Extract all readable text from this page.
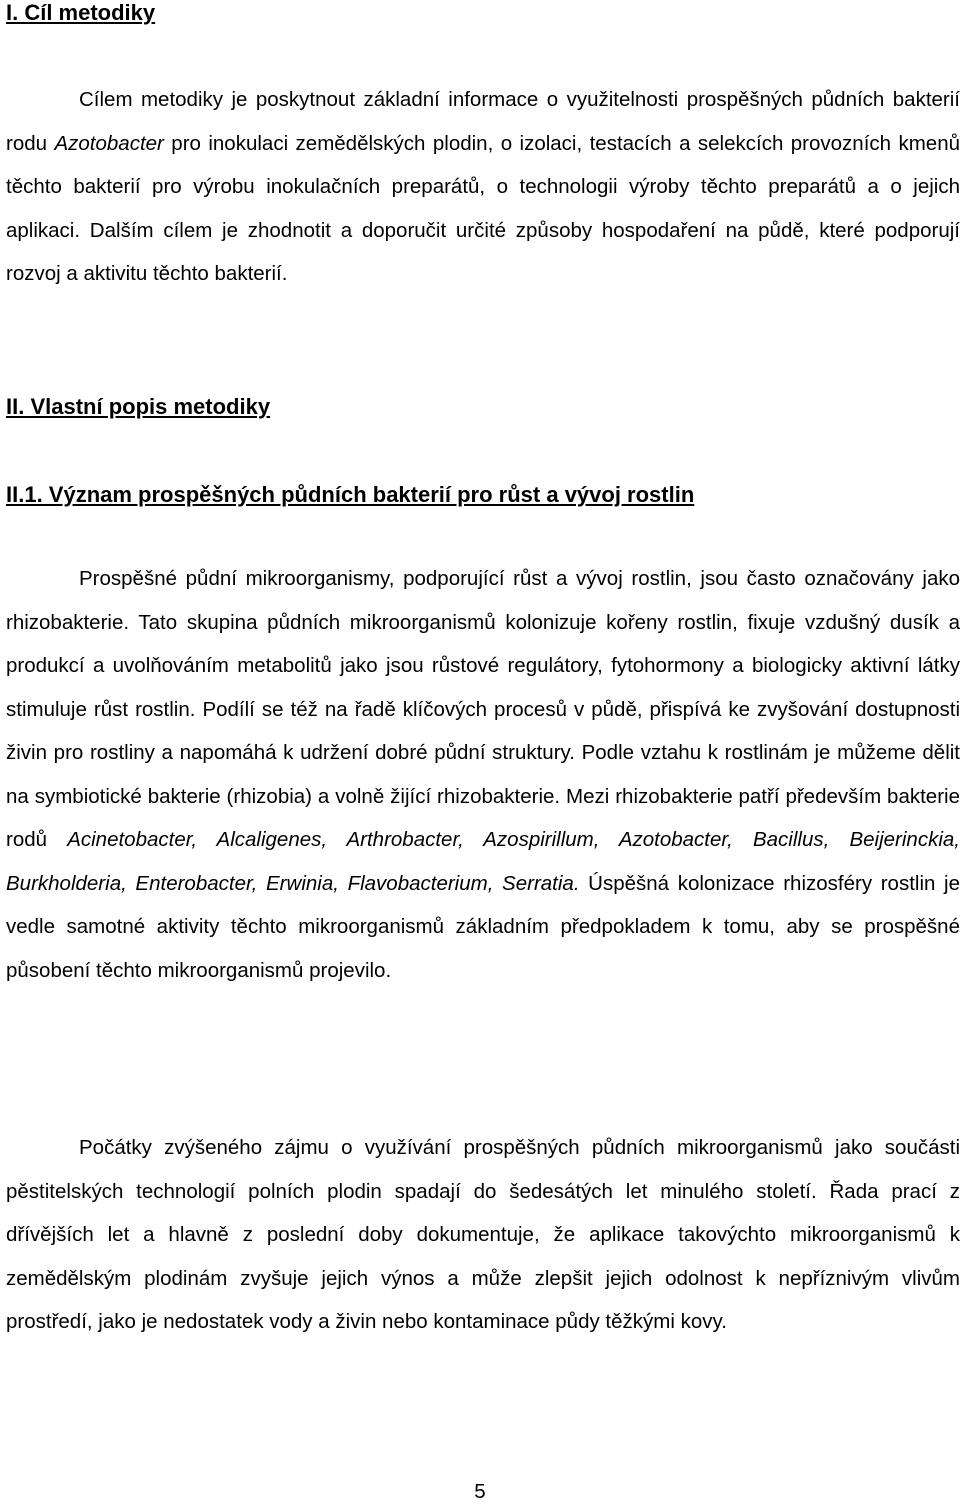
I. Cíl metodiky

Cílem metodiky je poskytnout základní informace o využitelnosti prospěšných půdních bakterií rodu Azotobacter pro inokulaci zemědělských plodin, o izolaci, testacích a selekcích provozních kmenů těchto bakterií pro výrobu inokulačních preparátů, o technologii výroby těchto preparátů a o jejich aplikaci. Dalším cílem je zhodnotit a doporučit určité způsoby hospodaření na půdě, které podporují rozvoj a aktivitu těchto bakterií.

II. Vlastní popis metodiky
II.1. Význam prospěšných půdních bakterií pro růst a vývoj rostlin

Prospěšné půdní mikroorganismy, podporující růst a vývoj rostlin, jsou často označovány jako rhizobakterie. Tato skupina půdních mikroorganismů kolonizuje kořeny rostlin, fixuje vzdušný dusík a produkcí a uvolňováním metabolitů jako jsou růstové regulátory, fytohormony a biologicky aktivní látky stimuluje růst rostlin. Podílí se též na řadě klíčových procesů v půdě, přispívá ke zvyšování dostupnosti živin pro rostliny a napomáhá k udržení dobré půdní struktury. Podle vztahu k rostlinám je můžeme dělit na symbiotické bakterie (rhizobia) a volně žijící rhizobakterie. Mezi rhizobakterie patří především bakterie rodů Acinetobacter, Alcaligenes, Arthrobacter, Azospirillum, Azotobacter, Bacillus, Beijerinckia, Burkholderia, Enterobacter, Erwinia, Flavobacterium, Serratia. Úspěšná kolonizace rhizosféry rostlin je vedle samotné aktivity těchto mikroorganismů základním předpokladem k tomu, aby se prospěšné působení těchto mikroorganismů projevilo.

Počátky zvýšeného zájmu o využívání prospěšných půdních mikroorganismů jako součásti pěstitelských technologií polních plodin spadají do šedesátých let minulého století. Řada prací z dřívějších let a hlavně z poslední doby dokumentuje, že aplikace takovýchto mikroorganismů k zemědělským plodinám zvyšuje jejich výnos a může zlepšit jejich odolnost k nepříznivým vlivům prostředí, jako je nedostatek vody a živin nebo kontaminace půdy těžkými kovy.

5
